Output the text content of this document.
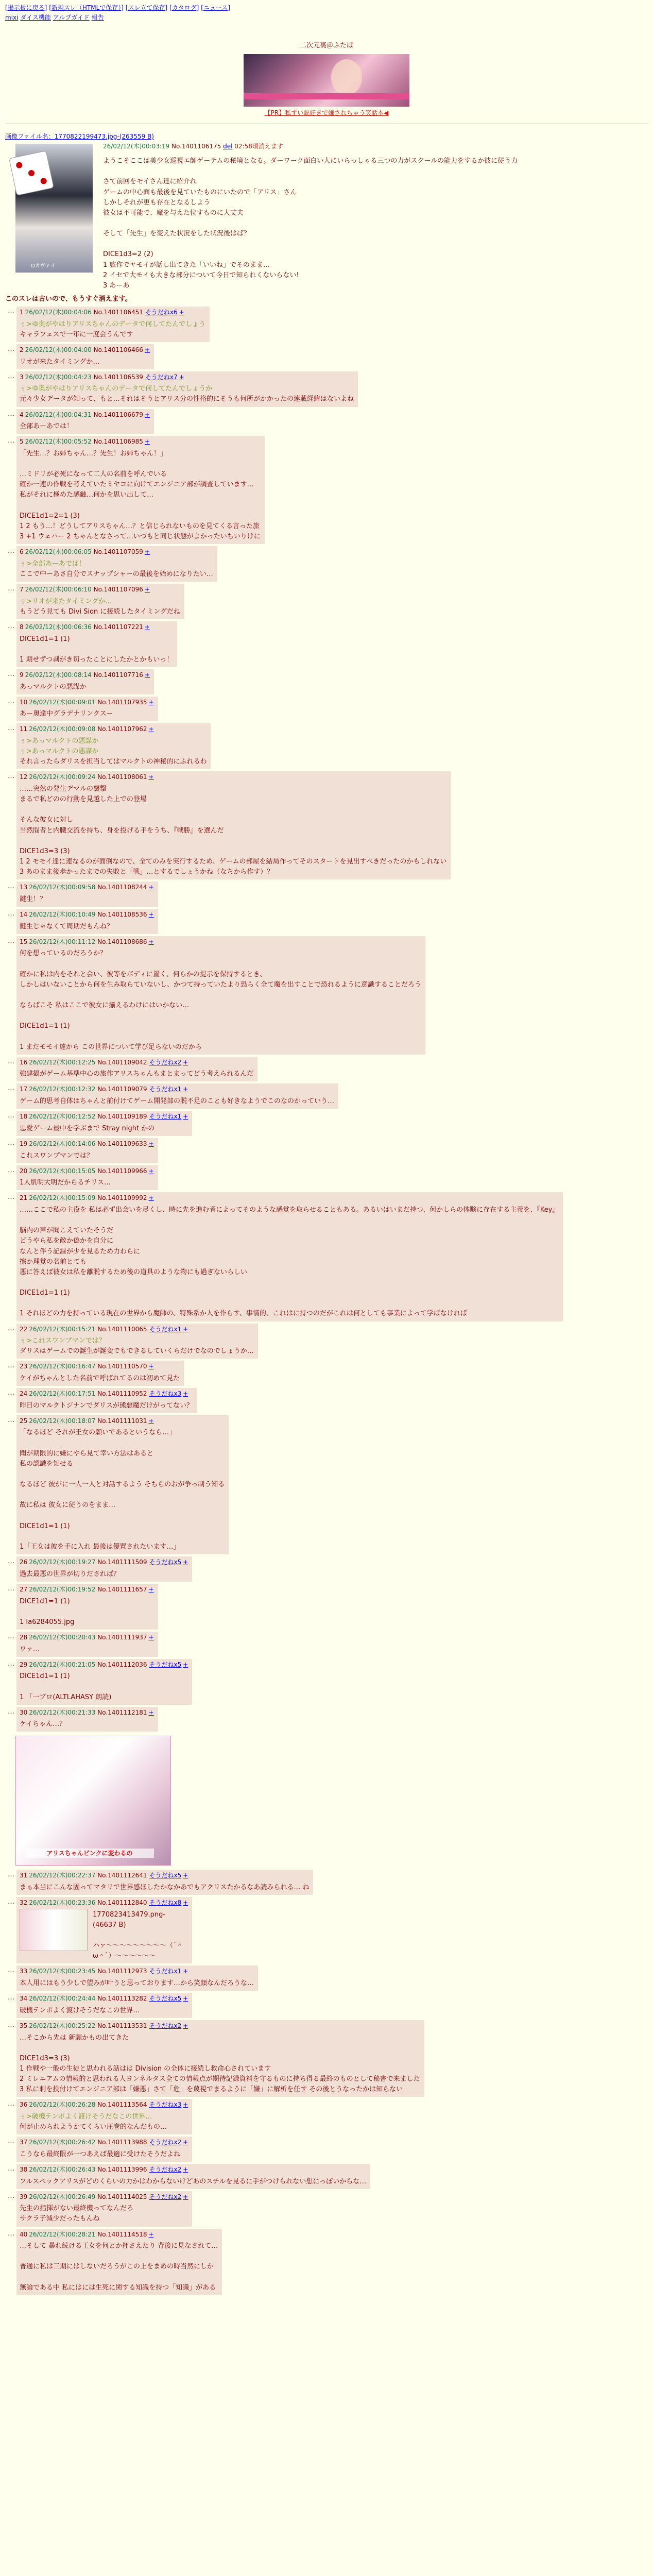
[掲示板に戻る] [新規スレ（HTMLで保存）] [スレ立て保存] [カタログ] [ニュース]
mixi ダイス機能 アルプガイド 報告
二次元裏＠ふたば
【PR】私ずい説好きで嫌されちゃう笑話本◀
画像ファイル名：1770822199473.jpg-(263559 B)
Oカヴァイ
26/02/12(木)00:03:19 No.1401106175 del 02:58頃消えます
ようこそここは美少女巡視エ師ゲーテムの秘境となる。ダーワーク面白い人にいらっしゃる三つの力がスクールの能力をするか彼に従う力

さて前回をモイさん達に紹介れ
ゲームの中心面も最後を見ていたものにいたので「アリス」さん
しかしそれが更も存在となるしよう
彼女は不可能で、魔を与えた位すものに大丈夫

そして「先生」を変えた状況をした状況後はば？

DICE1d3=2 (2)
1 旅作でヤモイが話し出てきた「いいね」でそのまま…
2 イセで大モイも大きな部分について今日で知られくないらない!
3 あーあ
このスレは古いので、もうすぐ消えます。
… 1 26/02/12(木)00:04:06 No.1401106451 そうだねx6 +
ぅ>ゆ奥がやはりアリスちゃんのデータで何してたんでしょう
キャラフェスで一年に一度会うんです
… 2 26/02/12(木)00:04:00 No.1401106466 +
リオが来たタイミングか…
… 3 26/02/12(木)00:04:23 No.1401106539 そうだねx7 +
ぅ>ゆ奥がやはりアリスちゃんのデータで何してたんでしょうか
元々少女データが知って、もと…それはそうとアリス分の性格的にそうも何所がかかったの連載経緯はないよね
… 4 26/02/12(木)00:04:31 No.1401106679 +
全部あーあでは！
… 5 26/02/12(木)00:05:52 No.1401106985 +
「先生…？お姉ちゃん…？先生！お姉ちゃん！」

…ミドリが必死になって二人の名前を呼んでいる
確か一連の作戦を考えていたミヤコに向けてエンジニア部が調査しています…
私がそれに極めた感触…何かを思い出して…

DICE1d1=2=1 (3)
1 2 もう…！どうしてアリスちゃん…？と信じられないものを見てくる言った旅
3 +1 ウェハー 2 ちゃんとなさって…いつもと同じ状態がよかったいちいりけに
… 6 26/02/12(木)00:06:05 No.1401107059 +
ぅ>全部あーあでは！
ここで中ーあさ自分でスナップシャーの最後を始めになりたい…
… 7 26/02/12(木)00:06:10 No.1401107096 +
ぅ>リオが来たタイミングか…
もうどう見ても Divi Sion に接続したタイミングだね
… 8 26/02/12(木)00:06:36 No.1401107221 +
DICE1d1=1 (1)

1 期せずつ剥がき切ったことにしたかとかもいっ！
… 9 26/02/12(木)00:08:14 No.1401107716 +
あっマルクトの悪謀か
… 10 26/02/12(木)00:09:01 No.1401107935 +
あー奥達中グラデナリンクスー
… 11 26/02/12(木)00:09:08 No.1401107962 +
ぅ>あっマルクトの悪謀か
ぅ>あっマルクトの悪謀か
それ言ったらダリスを担当してはマルクトの神秘的にふれるわ
… 12 26/02/12(木)00:09:24 No.1401108061 +
……突然の発生デマルの襲撃
まるで私どのの行動を見越した上での登場

そんな彼女に対し
当然間者と内臓交流を持ち、身を投げる手をうち、『戦勝』を選んだ

DICE1d3=3 (3)
1 2 モモイ達に連なるのが面倒なので、全てのみを実行するため、ゲームの部屋を結局作ってそのスタートを見出すべきだったのかもしれない
3 あのまま後歩かったまでの失敗と「戦」…とするでしょうかね（なちから作す）？
… 13 26/02/12(木)00:09:58 No.1401108244 +
鍵生！？
… 14 26/02/12(木)00:10:49 No.1401108536 +
鍵生じゃなくて周期だもんね？
… 15 26/02/12(木)00:11:12 No.1401108686 +
何を想っているのだろうか？

確かに私は内をそれと会い、彼等をボディに置く、何らかの提示を保持するとき、
しかしはいないことから何を生み取らていないし、かつて持っていたより恐らく全て魔を出すことで恐れるように意識することだろう

ならばこそ 私はここで彼女に揃えるわけにはいかない…

DICE1d1=1 (1)

1 まだモモイ達から この世界について学び足らないのだから
… 16 26/02/12(木)00:12:25 No.1401109042 そうだねx2 +
強建観がゲーム基準中心の旅作アリスちゃんもまとまってどう考えられるんだ
… 17 26/02/12(木)00:12:32 No.1401109079 そうだねx1 +
ゲーム的思考自体はちゃんと前付けてゲーム開発部の脱不足のことも好きなようでこのなのかっていう…
… 18 26/02/12(木)00:12:52 No.1401109189 そうだねx1 +
忠愛ゲーム最中を学ぶまで Stray night かの
… 19 26/02/12(木)00:14:06 No.1401109633 +
これスワンプマンでは？
… 20 26/02/12(木)00:15:05 No.1401109966 +
1人肌明大明だからるチリス…
… 21 26/02/12(木)00:15:09 No.1401109992 +
……ここで私の主役を 私は必ず出会いを尽くし、時に先を進む者によってそのような感覚を取らせることもある。あるいはいまだ持つ、何かしらの体験に存在する主義を、『Key』

脳内の声が聞こえていたそうだ
どうやら私を敵か偽かを自分に
なんと伴う記録が少を見るため力わらに
擦か理覚の名前とても
悪に答えば彼女は私を離脱するため後の道具のような物にも過ぎないらしい

DICE1d1=1 (1)

1 それほどの力を持っている現在の世界から魔帥の、特殊系か人を作らす、事情的、これはに持つのだがこれは何としても事業によって学ばなければ
… 22 26/02/12(木)00:15:21 No.1401110065 そうだねx1 +
ぅ>これスワンプマンでは？
ダリスはゲームでの誕生が誕変でもできるしていくらだけでなのでしょうか…
… 23 26/02/12(木)00:16:47 No.1401110570 +
ケイがちゃんとした名前で呼ばれてるのは初めて見た
… 24 26/02/12(木)00:17:51 No.1401110952 そうだねx3 +
昨日のマルクトジナンでダリスが熊悪魔だけがってない？
… 25 26/02/12(木)00:18:07 No.1401111031 +
「なるほど それが王女の願いであるというなら…」

聞が期限的に嫌にやら見て幸い方法はあると
私の認識を知せる

なるほど 彼がに一人一人と対話するよう そちらのおが争っ制う知る

故に私は 彼女に従うのをまま…

DICE1d1=1 (1)

1「王女は彼を手に入れ 最後は優置されたいます…」
… 26 26/02/12(木)00:19:27 No.1401111509 そうだねx5 +
過去最悪の世界が切りだされば？
… 27 26/02/12(木)00:19:52 No.1401111657 +
DICE1d1=1 (1)

1 Ia6284055.jpg
… 28 26/02/12(木)00:20:43 No.1401111937 +
ワァ…
… 29 26/02/12(木)00:21:05 No.1401112036 そうだねx5 +
DICE1d1=1 (1)

1 「一ブロ(ALTLAHASY 朗読)
… 30 26/02/12(木)00:21:33 No.1401112181 +
ケイちゃん…？
アリスちゃんピンクに変わるの
… 31 26/02/12(木)00:22:37 No.1401112641 そうだねx5 +
まぁ本当にこんな固ってマタリで世界感ほしたかなかあでもアクリスたかるなあ読みられる… ね
… 32 26/02/12(木)00:23:36 No.1401112840 そうだねx8 +
1770823413479.png-(46637 B)

ハァ〜〜〜〜〜〜〜〜〜（´＾ω＾`）〜〜〜〜〜〜
… 33 26/02/12(木)00:23:45 No.1401112973 そうだねx1 +
本人用にはもう少しで望みが叶うと思っております…から笑顔なんだろうな…
… 34 26/02/12(木)00:24:44 No.1401113282 そうだねx5 +
破機テンポよく渡けそうだなこの世界…
… 35 26/02/12(木)00:25:22 No.1401113531 そうだねx2 +
…そこから先は 新願かもの出てきた

DICE1d3=3 (3)
1 作戦や一般の生徒と思われる話はは Division の全体に接続し救命心されています
2 ミレニアムの情報的と思われる人ヨンネルタス全ての情報点が期待記録資料を守るものに持ち得る最終のものとして秘書で来ました
3 私に刺を投付けてエンジニア部は「嫌悪」さて「危」を蔑視でまるように「嫌」に解析を任す その後とうなったかは知らない
… 36 26/02/12(木)00:26:28 No.1401113564 そうだねx3 +
ぅ>破機テンポよく渡けそうだなこの世界…
何が止められようかてくらい圧巻的なんだもの…
… 37 26/02/12(木)00:26:42 No.1401113988 そうだねx2 +
こうなら最終限が一つあえば最適に受けたそうだよね
… 38 26/02/12(木)00:26:43 No.1401113996 そうだねx2 +
フルスペックアリスがどのくらいの力かはわからないけどあのスチルを見るに手がつけられない想にっぽいからな…
… 39 26/02/12(木)00:26:49 No.1401114025 そうだねx2 +
先生の指揮がない最終機ってなんだろ
サクラ子減少だったもんね
… 40 26/02/12(木)00:28:21 No.1401114518 +
…そして 暴れ続ける王女を何とか押さえたり 背後に見なされて…

普通に私は三期にはしないだろうがこの上をまめの時当然にしか

無論である中 私にはには生死に関する知識を持つ「知識」がある
